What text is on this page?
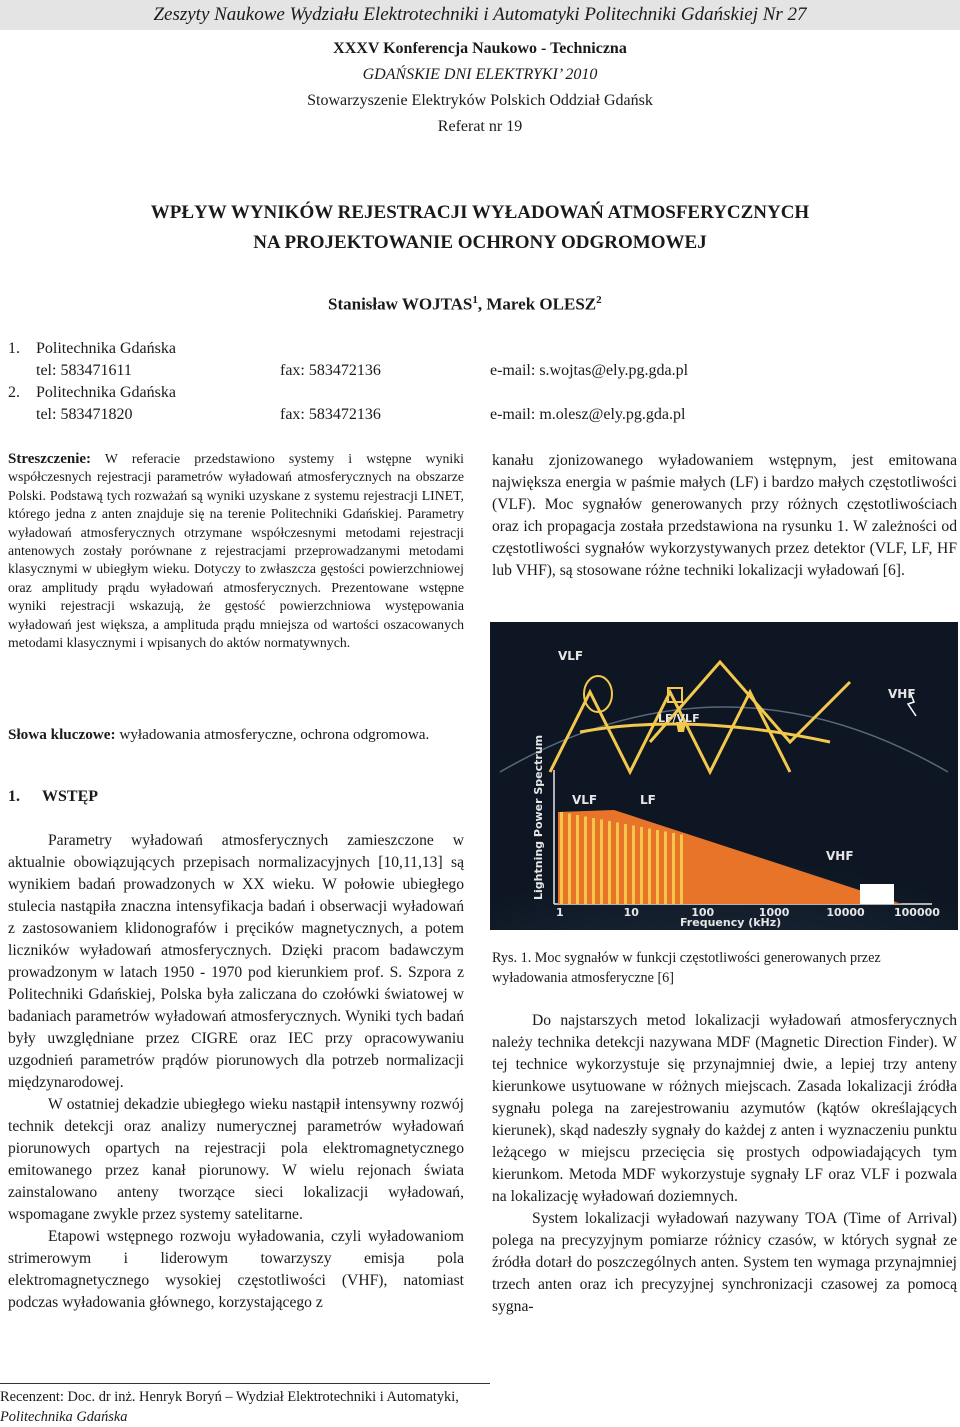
Zeszyty Naukowe Wydziału Elektrotechniki i Automatyki Politechniki Gdańskiej Nr 27
XXXV Konferencja Naukowo - Techniczna
GDAŃSKIE DNI ELEKTRYKI’ 2010
Stowarzyszenie Elektryków Polskich Oddział Gdańsk
Referat nr 19
WPŁYW WYNIKÓW REJESTRACJI WYŁADOWAŃ ATMOSFERYCZNYCH
NA PROJEKTOWANIE OCHRONY ODGROMOWEJ
Stanisław WOJTAS$^1$, Marek OLESZ$^2$
1. Politechnika Gdańska
tel: 583471611	fax: 583472136	e-mail: s.wojtas@ely.pg.gda.pl
2. Politechnika Gdańska
tel: 583471820	fax: 583472136	e-mail: m.olesz@ely.pg.gda.pl
Streszczenie: W referacie przedstawiono systemy i wstępne wyniki współczesnych rejestracji parametrów wyładowań atmosferycznych na obszarze Polski. Podstawą tych rozważań są wyniki uzyskane z systemu rejestracji LINET, którego jedna z anten znajduje się na terenie Politechniki Gdańskiej. Parametry wyładowań atmosferycznych otrzymane współczesnymi metodami rejestracji antenowych zostały porównane z rejestracjami przeprowadzanymi metodami klasycznymi w ubiegłym wieku. Dotyczy to zwłaszcza gęstości powierzchniowej oraz amplitudy prądu wyładowań atmosferycznych. Prezentowane wstępne wyniki rejestracji wskazują, że gęstość powierzchniowa występowania wyładowań jest większa, a amplituda prądu mniejsza od wartości oszacowanych metodami klasycznymi i wpisanych do aktów normatywnych.
Słowa kluczowe: wyładowania atmosferyczne, ochrona odgromowa.
1. WSTĘP

Parametry wyładowań atmosferycznych zamieszczone w aktualnie obowiązujących przepisach normalizacyjnych [10,11,13] są wynikiem badań prowadzonych w XX wieku. W połowie ubiegłego stulecia nastąpiła znaczna intensyfikacja badań i obserwacji wyładowań z zastosowaniem klidonografów i pręcików magnetycznych, a potem liczników wyładowań atmosferycznych. Dzięki pracom badawczym prowadzonym w latach 1950 - 1970 pod kierunkiem prof. S. Szpora z Politechniki Gdańskiej, Polska była zaliczana do czołówki światowej w badaniach parametrów wyładowań atmosferycznych. Wyniki tych badań były uwzględniane przez CIGRE oraz IEC przy opracowywaniu uzgodnień parametrów prądów piorunowych dla potrzeb normalizacji międzynarodowej.

W ostatniej dekadzie ubiegłego wieku nastąpił intensywny rozwój technik detekcji oraz analizy numerycznej parametrów wyładowań piorunowych opartych na rejestracji pola elektromagnetycznego emitowanego przez kanał piorunowy. W wielu rejonach świata zainstalowano anteny tworzące sieci lokalizacji wyładowań, wspomagane zwykle przez systemy satelitarne.

Etapowi wstępnego rozwoju wyładowania, czyli wyładowaniom strimerowym i liderowym towarzyszy emisja pola elektromagnetycznego wysokiej częstotliwości (VHF), natomiast podczas wyładowania głównego, korzystającego z

kanału zjonizowanego wyładowaniem wstępnym, jest emitowana największa energia w paśmie małych (LF) i bardzo małych częstotliwości (VLF). Moc sygnałów generowanych przy różnych częstotliwościach oraz ich propagacja została przedstawiona na rysunku 1. W zależności od częstotliwości sygnałów wykorzystywanych przez detektor (VLF, LF, HF lub VHF), są stosowane różne techniki lokalizacji wyładowań [6].
1	10	100	1000	10000	100000
Lightning Power Spectrum
Frequency (kHz)
VLF
LF/VLF
VHF
VLF	LF
VHF
Rys. 1. Moc sygnałów w funkcji częstotliwości generowanych przez wyładowania atmosferyczne [6]

Do najstarszych metod lokalizacji wyładowań atmosferycznych należy technika detekcji nazywana MDF (Magnetic Direction Finder). W tej technice wykorzystuje się przynajmniej dwie, a lepiej trzy anteny kierunkowe usytuowane w różnych miejscach. Zasada lokalizacji źródła sygnału polega na zarejestrowaniu azymutów (kątów określających kierunek), skąd nadeszły sygnały do każdej z anten i wyznaczeniu punktu leżącego w miejscu przecięcia się prostych odpowiadających tym kierunkom. Metoda MDF wykorzystuje sygnały LF oraz VLF i pozwala na lokalizację wyładowań doziemnych.

System lokalizacji wyładowań nazywany TOA (Time of Arrival) polega na precyzyjnym pomiarze różnicy czasów, w których sygnał ze źródła dotarł do poszczególnych anten. System ten wymaga przynajmniej trzech anten oraz ich precyzyjnej synchronizacji czasowej za pomocą sygna-

Recenzent: Doc. dr inż. Henryk Boryń – Wydział Elektrotechniki i Automatyki,
Politechnika Gdańska
